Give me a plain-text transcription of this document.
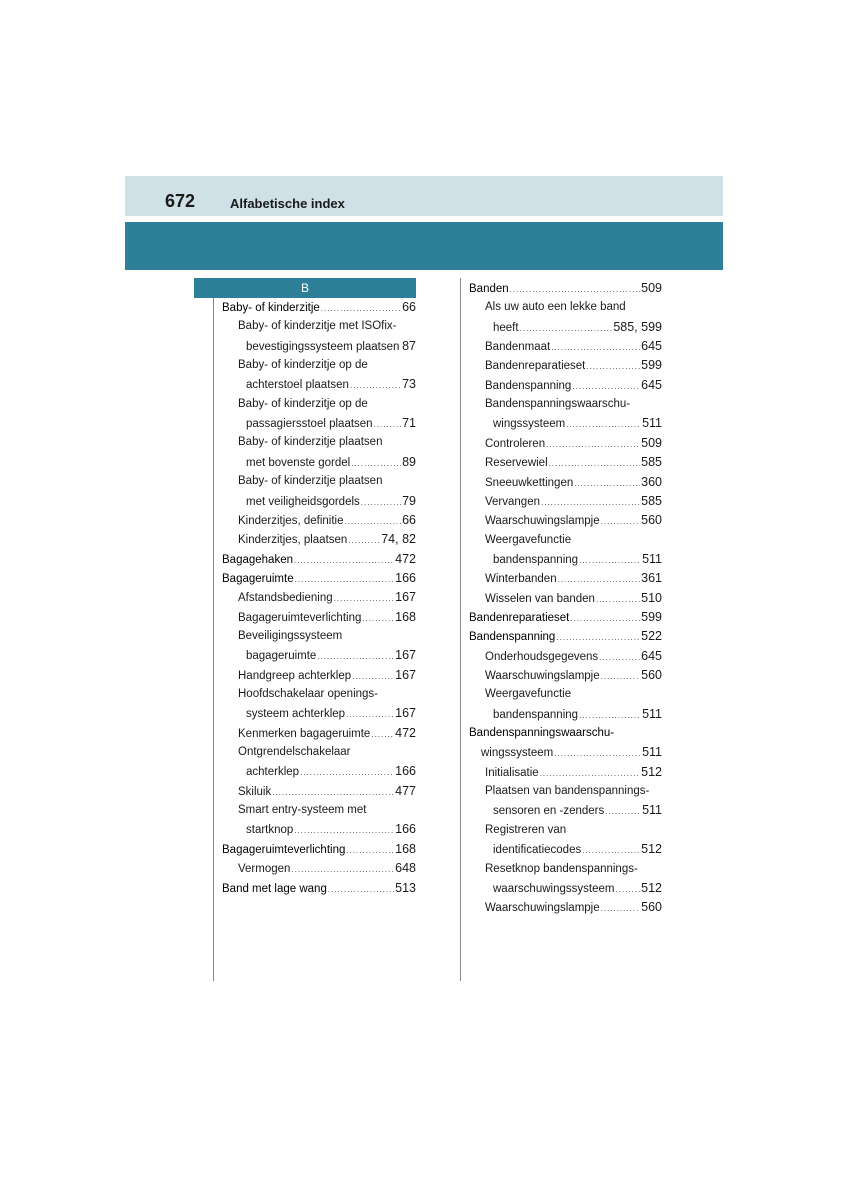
672	Alfabetische index
B
Baby- of kinderzitje .....	66
Baby- of kinderzitje met ISOfix-
bevestigingssysteem plaatsen ..... 87
Baby- of kinderzitje op de
achterstoel plaatsen .....	73
Baby- of kinderzitje op de
passagiersstoel plaatsen ..... 71
Baby- of kinderzitje plaatsen
met bovenste gordel .....	89
Baby- of kinderzitje plaatsen
met veiligheidsgordels .....	79
Kinderzitjes, definitie .....	66
Kinderzitjes, plaatsen .....	74, 82
Bagagehaken .....	472
Bagageruimte .....	166
Afstandsbediening .....	167
Bagageruimteverlichting .....	168
Beveiligingssysteem
bagageruimte .....	167
Handgreep achterklep .....	167
Hoofdschakelaar openings-
systeem achterklep .....	167
Kenmerken bagageruimte ..... 472
Ontgrendelschakelaar
achterklep .....	166
Skiluik .....	477
Smart entry-systeem met
startknop .....	166
Bagageruimteverlichting .....	168
Vermogen .....	648
Band met lage wang .....	513
Banden .....	509
Als uw auto een lekke band
heeft .....	585, 599
Bandenmaat .....	645
Bandenreparatieset .....	599
Bandenspanning .....	645
Bandenspanningswaarschu-
wingssysteem .....	511
Controleren .....	509
Reservewiel .....	585
Sneeuwkettingen .....	360
Vervangen .....	585
Waarschuwingslampje .....	560
Weergavefunctie
bandenspanning .....	511
Winterbanden .....	361
Wisselen van banden .....	510
Bandenreparatieset .....	599
Bandenspanning .....	522
Onderhoudsgegevens .....	645
Waarschuwingslampje .....	560
Weergavefunctie
bandenspanning .....	511
Bandenspanningswaarschu-
wingssysteem .....	511
Initialisatie .....	512
Plaatsen van bandenspannings-
sensoren en -zenders .....	511
Registreren van
identificatiecodes .....	512
Resetknop bandenspannings-
waarschuwingssysteem ..... 512
Waarschuwingslampje .....	560
